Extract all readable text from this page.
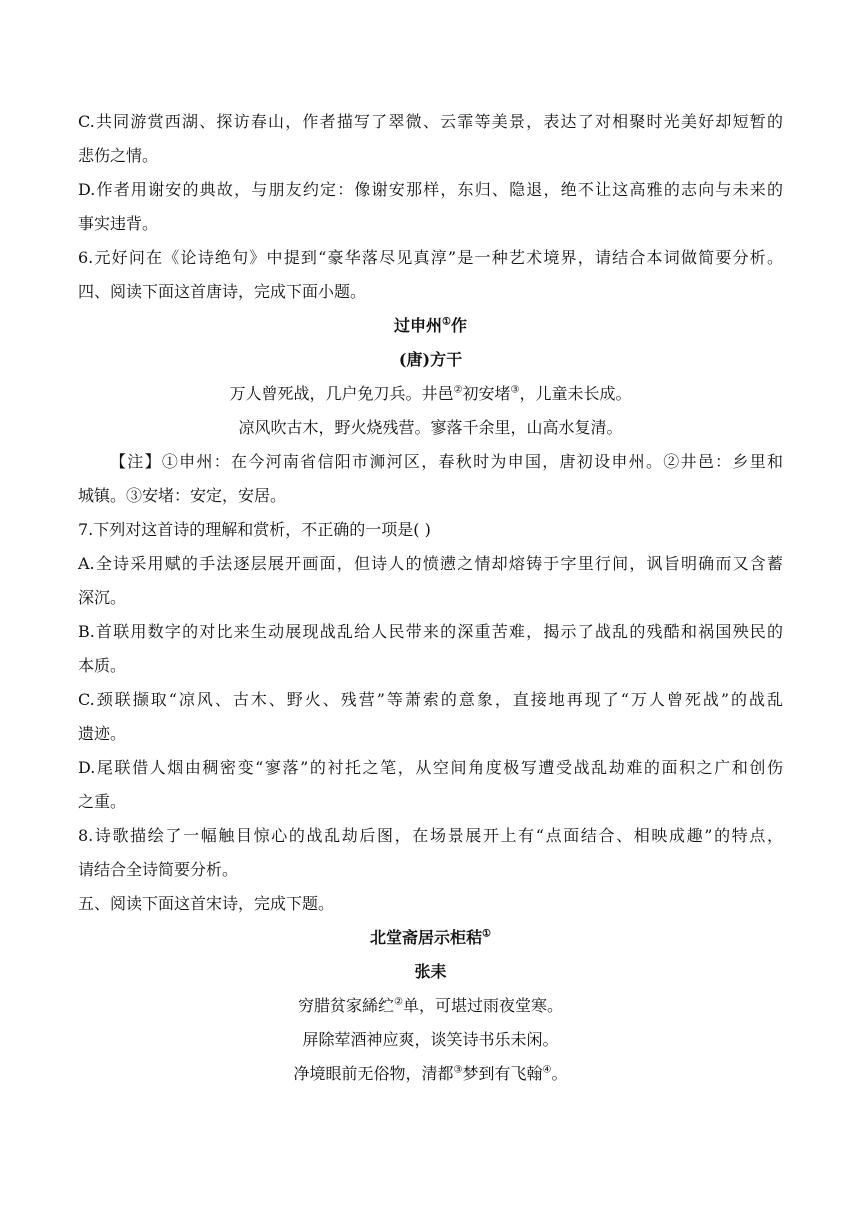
C.共同游赏西湖、探访春山，作者描写了翠微、云霏等美景，表达了对相聚时光美好却短暂的
悲伤之情。
D.作者用谢安的典故，与朋友约定：像谢安那样，东归、隐退，绝不让这高雅的志向与未来的
事实违背。
6.元好问在《论诗绝句》中提到“豪华落尽见真淳”是一种艺术境界，请结合本词做简要分析。
四、阅读下面这首唐诗，完成下面小题。
过申州①作
(唐)方干
万人曾死战，几户免刀兵。井邑②初安堵③，儿童未长成。
凉风吹古木，野火烧残营。寥落千余里，山高水复清。
【注】①申州：在今河南省信阳市浉河区，春秋时为申国，唐初设申州。②井邑：乡里和
城镇。③安堵：安定，安居。
7.下列对这首诗的理解和赏析，不正确的一项是( )
A.全诗采用赋的手法逐层展开画面，但诗人的愤懑之情却熔铸于字里行间，讽旨明确而又含蓄
深沉。
B.首联用数字的对比来生动展现战乱给人民带来的深重苦难，揭示了战乱的残酷和祸国殃民的
本质。
C.颈联撷取“凉风、古木、野火、残营”等萧索的意象，直接地再现了“万人曾死战”的战乱
遗迹。
D.尾联借人烟由稠密变“寥落”的衬托之笔，从空间角度极写遭受战乱劫难的面积之广和创伤
之重。
8.诗歌描绘了一幅触目惊心的战乱劫后图，在场景展开上有“点面结合、相映成趣”的特点，
请结合全诗简要分析。
五、阅读下面这首宋诗，完成下题。
北堂斋居示柜秸①
张耒
穷腊贫家絺纻②单，可堪过雨夜堂寒。
屏除荤酒神应爽，谈笑诗书乐未闲。
净境眼前无俗物，清都③梦到有飞翰④。
